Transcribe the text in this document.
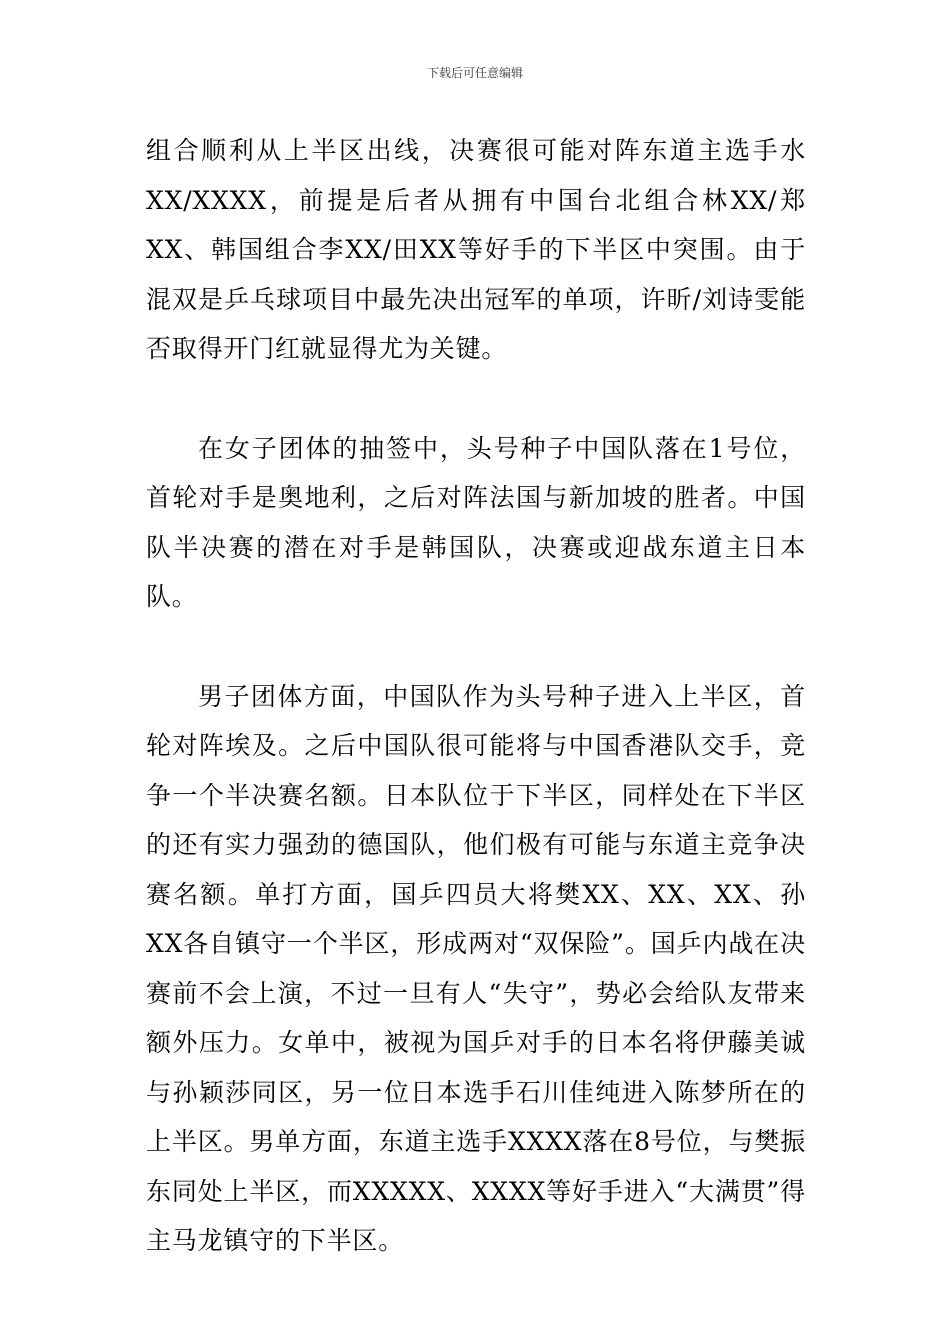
下载后可任意编辑

组合顺利从上半区出线，决赛很可能对阵东道主选手水XX/XXXX，前提是后者从拥有中国台北组合林XX/郑XX、韩国组合李XX/田XX等好手的下半区中突围。由于混双是乒乓球项目中最先决出冠军的单项，许昕/刘诗雯能否取得开门红就显得尤为关键。

在女子团体的抽签中，头号种子中国队落在1号位，首轮对手是奥地利，之后对阵法国与新加坡的胜者。中国队半决赛的潜在对手是韩国队，决赛或迎战东道主日本队。

男子团体方面，中国队作为头号种子进入上半区，首轮对阵埃及。之后中国队很可能将与中国香港队交手，竞争一个半决赛名额。日本队位于下半区，同样处在下半区的还有实力强劲的德国队，他们极有可能与东道主竞争决赛名额。单打方面，国乒四员大将樊XX、XX、XX、孙XX各自镇守一个半区，形成两对“双保险”。国乒内战在决赛前不会上演，不过一旦有人“失守”，势必会给队友带来额外压力。女单中，被视为国乒对手的日本名将伊藤美诚与孙颖莎同区，另一位日本选手石川佳纯进入陈梦所在的上半区。男单方面，东道主选手XXXX落在8号位，与樊振东同处上半区，而XXXXX、XXXX等好手进入“大满贯”得主马龙镇守的下半区。
